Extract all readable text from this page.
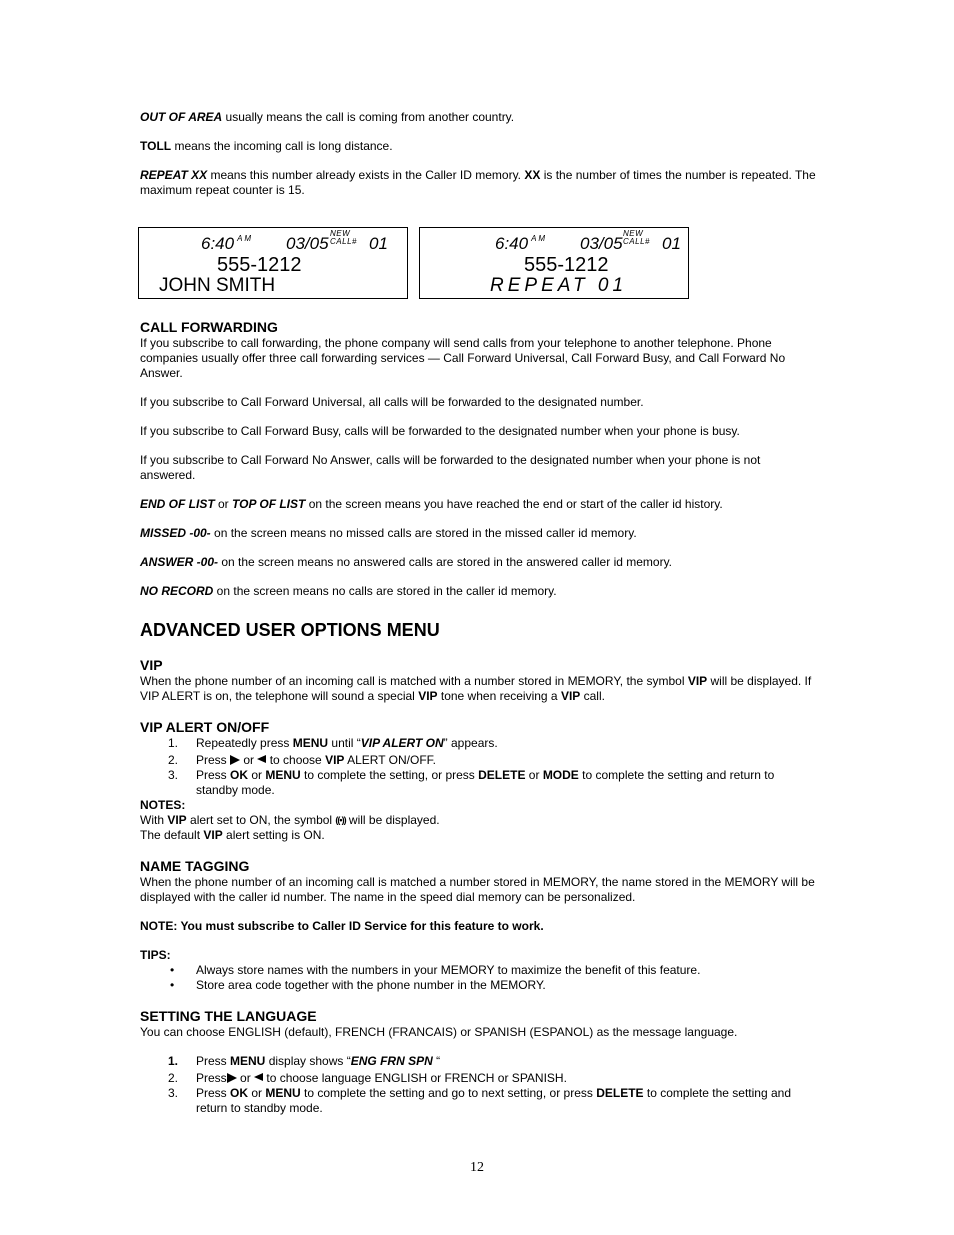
OUT OF AREA usually means the call is coming from another country.

TOLL means the incoming call is long distance.

REPEAT XX means this number already exists in the Caller ID memory. XX is the number of times the number is repeated. The maximum repeat counter is 15.

CALL FORWARDING

If you subscribe to call forwarding, the phone company will send calls from your telephone to another telephone. Phone companies usually offer three call forwarding services — Call Forward Universal, Call Forward Busy, and Call Forward No Answer.

If you subscribe to Call Forward Universal, all calls will be forwarded to the designated number.

If you subscribe to Call Forward Busy, calls will be forwarded to the designated number when your phone is busy.

If you subscribe to Call Forward No Answer, calls will be forwarded to the designated number when your phone is not answered.

END OF LIST or TOP OF LIST on the screen means you have reached the end or start of the caller id history.

MISSED -00- on the screen means no missed calls are stored in the missed caller id memory.

ANSWER -00- on the screen means no answered calls are stored in the answered caller id memory.

NO RECORD on the screen means no calls are stored in the caller id memory.

ADVANCED USER OPTIONS MENU
VIP

When the phone number of an incoming call is matched with a number stored in MEMORY, the symbol VIP will be displayed. If VIP ALERT is on, the telephone will sound a special VIP tone when receiving a VIP call.

VIP ALERT ON/OFF
1. Repeatedly press MENU until “VIP ALERT ON” appears.
2. Press  or  to choose VIP ALERT ON/OFF.
3. Press OK or MENU to complete the setting, or press DELETE or MODE to complete the setting and return to standby mode.

NOTES:

With VIP alert set to ON, the symbol ((•)) will be displayed.

The default VIP alert setting is ON.

NAME TAGGING

When the phone number of an incoming call is matched a number stored in MEMORY, the name stored in the MEMORY will be displayed with the caller id number. The name in the speed dial memory can be personalized.

NOTE: You must subscribe to Caller ID Service for this feature to work.

TIPS:

• Always store names with the numbers in your MEMORY to maximize the benefit of this feature.
• Store area code together with the phone number in the MEMORY.
SETTING THE LANGUAGE

You can choose ENGLISH (default), FRENCH (FRANCAIS) or SPANISH (ESPANOL) as the message language.

1. Press MENU display shows “ENG FRN SPN “
2. Press or  to choose language ENGLISH or FRENCH or SPANISH.
3. Press OK or MENU to complete the setting and go to next setting, or press DELETE to complete the setting and return to standby mode.
6:40 $^{A M}$ 03/05
NEW
CALL# 01
555-1212
JOHN SMITH
6:40 $^{A M}$ 03/05
NEW
CALL# 01
555-1212
REPEAT 01
12
